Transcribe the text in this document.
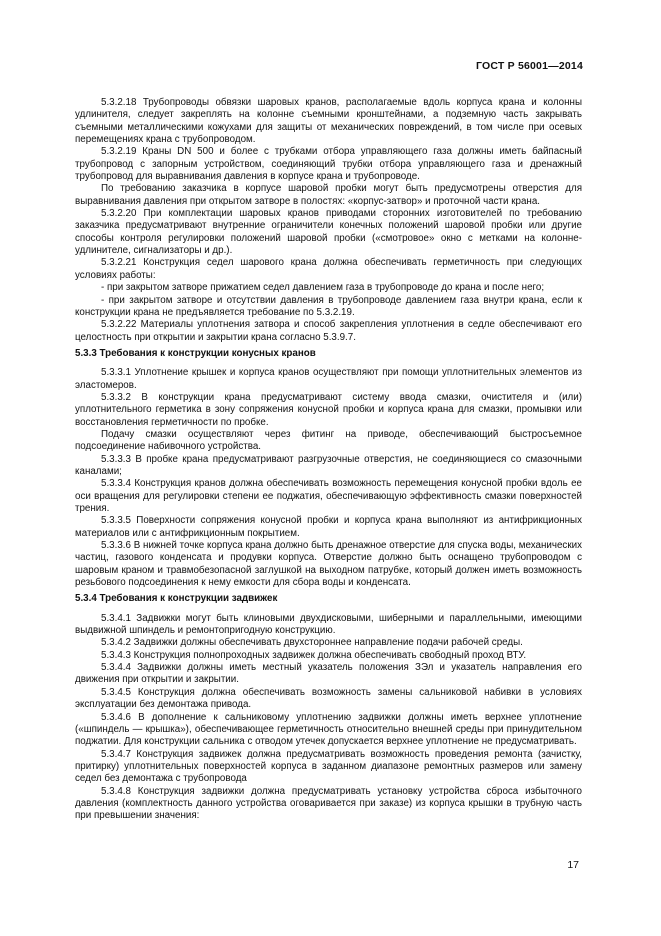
ГОСТ Р 56001—2014

5.3.2.18 Трубопроводы обвязки шаровых кранов, располагаемые вдоль корпуса крана и колонны удлинителя, следует закреплять на колонне съемными кронштейнами, а подземную часть закрывать съемными металлическими кожухами для защиты от механических повреждений, в том числе при осевых перемещениях крана с трубопроводом.

5.3.2.19 Краны DN 500 и более с трубками отбора управляющего газа должны иметь байпасный трубопровод с запорным устройством, соединяющий трубки отбора управляющего газа и дренажный трубопровод для выравнивания давления в корпусе крана и трубопроводе.

По требованию заказчика в корпусе шаровой пробки могут быть предусмотрены отверстия для выравнивания давления при открытом затворе в полостях: «корпус-затвор» и проточной части крана.

5.3.2.20 При комплектации шаровых кранов приводами сторонних изготовителей по требованию заказчика предусматривают внутренние ограничители конечных положений шаровой пробки или другие способы контроля регулировки положений шаровой пробки («смотровое» окно с метками на колонне-удлинителе, сигнализаторы и др.).

5.3.2.21 Конструкция седел шарового крана должна обеспечивать герметичность при следующих условиях работы:

- при закрытом затворе прижатием седел давлением газа в трубопроводе до крана и после него;

- при закрытом затворе и отсутствии давления в трубопроводе давлением газа внутри крана, если к конструкции крана не предъявляется требование по 5.3.2.19.

5.3.2.22 Материалы уплотнения затвора и способ закрепления уплотнения в седле обеспечивают его целостность при открытии и закрытии крана согласно 5.3.9.7.

5.3.3 Требования к конструкции конусных кранов

5.3.3.1 Уплотнение крышек и корпуса кранов осуществляют при помощи уплотнительных элементов из эластомеров.

5.3.3.2 В конструкции крана предусматривают систему ввода смазки, очистителя и (или) уплотнительного герметика в зону сопряжения конусной пробки и корпуса крана для смазки, промывки или восстановления герметичности по пробке.

Подачу смазки осуществляют через фитинг на приводе, обеспечивающий быстросъемное подсоединение набивочного устройства.

5.3.3.3 В пробке крана предусматривают разгрузочные отверстия, не соединяющиеся со смазочными каналами;

5.3.3.4 Конструкция кранов должна обеспечивать возможность перемещения конусной пробки вдоль ее оси вращения для регулировки степени ее поджатия, обеспечивающую эффективность смазки поверхностей трения.

5.3.3.5 Поверхности сопряжения конусной пробки и корпуса крана выполняют из антифрикционных материалов или с антифрикционным покрытием.

5.3.3.6 В нижней точке корпуса крана должно быть дренажное отверстие для спуска воды, механических частиц, газового конденсата и продувки корпуса. Отверстие должно быть оснащено трубопроводом с шаровым краном и травмобезопасной заглушкой на выходном патрубке, который должен иметь возможность резьбового подсоединения к нему емкости для сбора воды и конденсата.

5.3.4 Требования к конструкции задвижек

5.3.4.1 Задвижки могут быть клиновыми двухдисковыми, шиберными и параллельными, имеющими выдвижной шпиндель и ремонтопригодную конструкцию.

5.3.4.2 Задвижки должны обеспечивать двухстороннее направление подачи рабочей среды.

5.3.4.3 Конструкция полнопроходных задвижек должна обеспечивать свободный проход ВТУ.

5.3.4.4 Задвижки должны иметь местный указатель положения ЗЭл и указатель направления его движения при открытии и закрытии.

5.3.4.5 Конструкция должна обеспечивать возможность замены сальниковой набивки в условиях эксплуатации без демонтажа привода.

5.3.4.6 В дополнение к сальниковому уплотнению задвижки должны иметь верхнее уплотнение («шпиндель — крышка»), обеспечивающее герметичность относительно внешней среды при принудительном поджатии. Для конструкции сальника с отводом утечек допускается верхнее уплотнение не предусматривать.

5.3.4.7 Конструкция задвижек должна предусматривать возможность проведения ремонта (зачистку, притирку) уплотнительных поверхностей корпуса в заданном диапазоне ремонтных размеров или замену седел без демонтажа с трубопровода

5.3.4.8 Конструкция задвижки должна предусматривать установку устройства сброса избыточного давления (комплектность данного устройства оговаривается при заказе) из корпуса крышки в трубную часть при превышении значения:

17
